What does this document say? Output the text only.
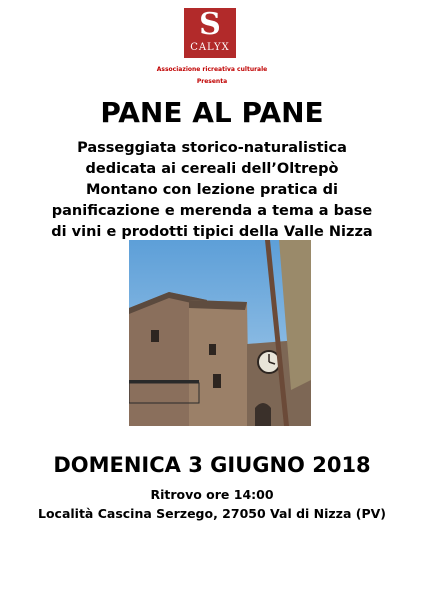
S
CALYX
Associazione ricreativa culturale
Presenta
PANE AL PANE
Passeggiata storico-naturalistica dedicata ai cereali dell’Oltrepò Montano con lezione pratica di panificazione e merenda a tema a base di vini e prodotti tipici della Valle Nizza
DOMENICA 3 GIUGNO 2018
Ritrovo ore 14:00
Località Cascina Serzego, 27050 Val di Nizza (PV)
